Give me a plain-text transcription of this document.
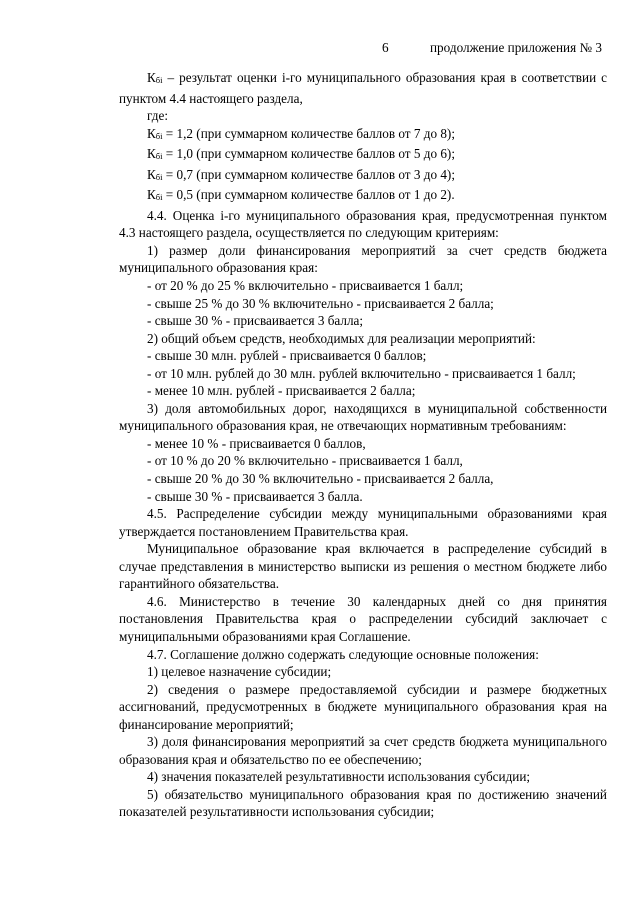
6	продолжение приложения № 3

Кбi – результат оценки i-го муниципального образования края в соответствии с пунктом 4.4 настоящего раздела,

где:

Кбi = 1,2 (при суммарном количестве баллов от 7 до 8);

Кбi = 1,0 (при суммарном количестве баллов от 5 до 6);

Кбi = 0,7 (при суммарном количестве баллов от 3 до 4);

Кбi = 0,5 (при суммарном количестве баллов от 1 до 2).

4.4. Оценка i-го муниципального образования края, предусмотренная пунктом 4.3 настоящего раздела, осуществляется по следующим критериям:

1) размер доли финансирования мероприятий за счет средств бюджета муниципального образования края:

- от 20 % до 25 % включительно - присваивается 1 балл;

- свыше 25 % до 30 % включительно - присваивается 2 балла;

- свыше 30 % - присваивается 3 балла;

2) общий объем средств, необходимых для реализации мероприятий:

- свыше 30 млн. рублей - присваивается 0 баллов;

- от 10 млн. рублей до 30 млн. рублей включительно - присваивается 1 балл;

- менее 10 млн. рублей - присваивается 2 балла;

3) доля автомобильных дорог, находящихся в муниципальной собственности муниципального образования края, не отвечающих нормативным требованиям:

- менее 10 % - присваивается 0 баллов,

- от 10 % до 20 % включительно - присваивается 1 балл,

- свыше 20 % до 30 % включительно - присваивается 2 балла,

- свыше 30 % - присваивается 3 балла.

4.5. Распределение субсидии между муниципальными образованиями края утверждается постановлением Правительства края.

Муниципальное образование края включается в распределение субсидий в случае представления в министерство выписки из решения о местном бюджете либо гарантийного обязательства.

4.6. Министерство в течение 30 календарных дней со дня принятия постановления Правительства края о распределении субсидий заключает с муниципальными образованиями края Соглашение.

4.7. Соглашение должно содержать следующие основные положения:

1) целевое назначение субсидии;

2) сведения о размере предоставляемой субсидии и размере бюджетных ассигнований, предусмотренных в бюджете муниципального образования края на финансирование мероприятий;

3) доля финансирования мероприятий за счет средств бюджета муниципального образования края и обязательство по ее обеспечению;

4) значения показателей результативности использования субсидии;

5) обязательство муниципального образования края по достижению значений показателей результативности использования субсидии;
